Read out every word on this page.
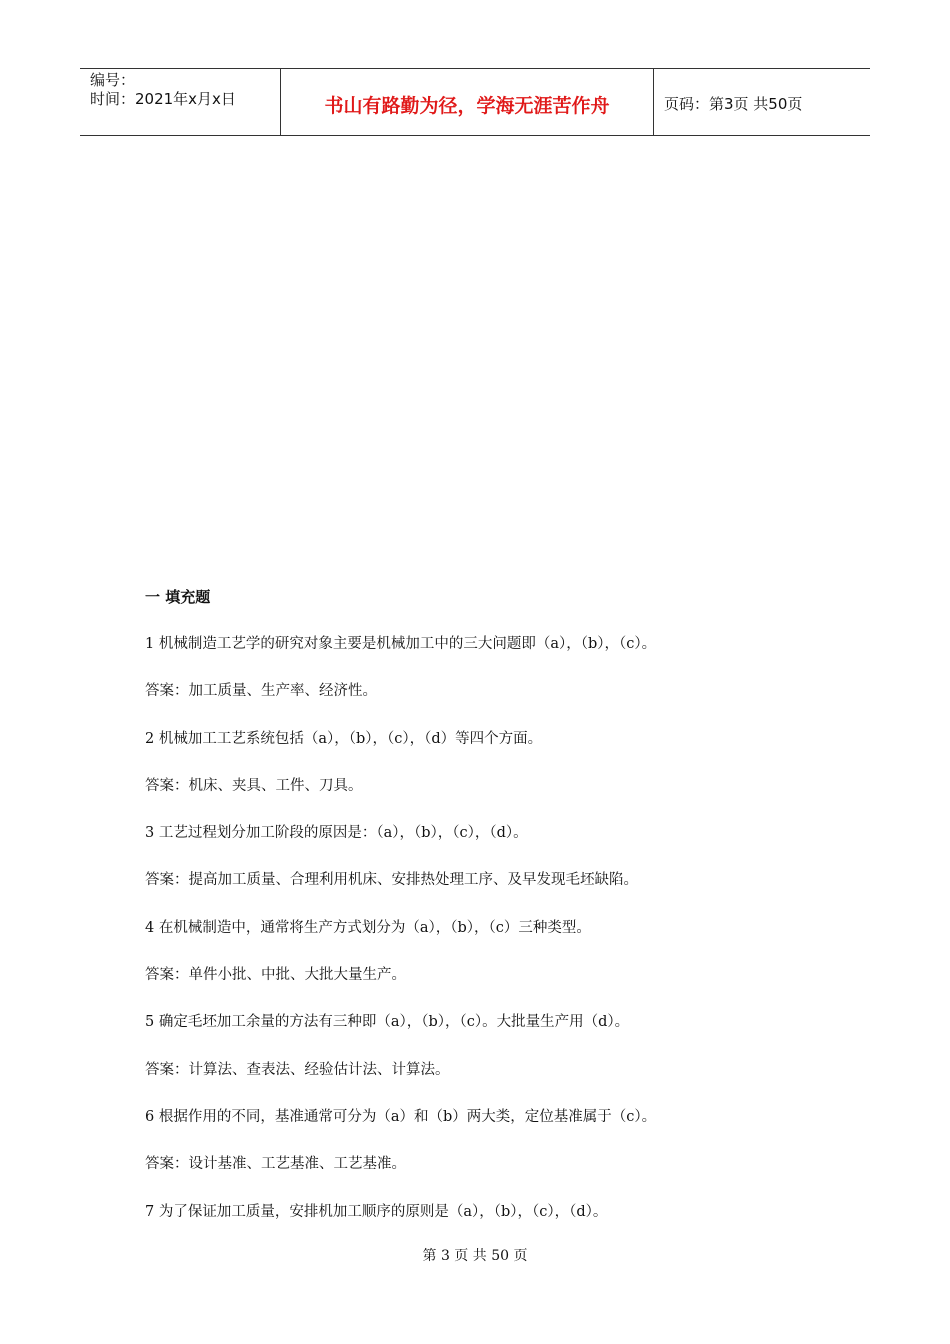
编号：
时间：2021年x月x日	书山有路勤为径，学海无涯苦作舟	页码：第3页 共50页
一 填充题
1 机械制造工艺学的研究对象主要是机械加工中的三大问题即（a），（b），（c）。
答案：加工质量、生产率、经济性。
2 机械加工工艺系统包括（a），（b），（c），（d）等四个方面。
答案：机床、夹具、工件、刀具。
3 工艺过程划分加工阶段的原因是：（a），（b），（c），（d）。
答案：提高加工质量、合理利用机床、安排热处理工序、及早发现毛坯缺陷。
4 在机械制造中，通常将生产方式划分为（a），（b），（c）三种类型。
答案：单件小批、中批、大批大量生产。
5 确定毛坯加工余量的方法有三种即（a），（b），（c）。大批量生产用（d）。
答案：计算法、查表法、经验估计法、计算法。
6 根据作用的不同，基准通常可分为（a）和（b）两大类，定位基准属于（c）。
答案：设计基准、工艺基准、工艺基准。
7 为了保证加工质量，安排机加工顺序的原则是（a），（b），（c），（d）。
第 3 页 共 50 页
